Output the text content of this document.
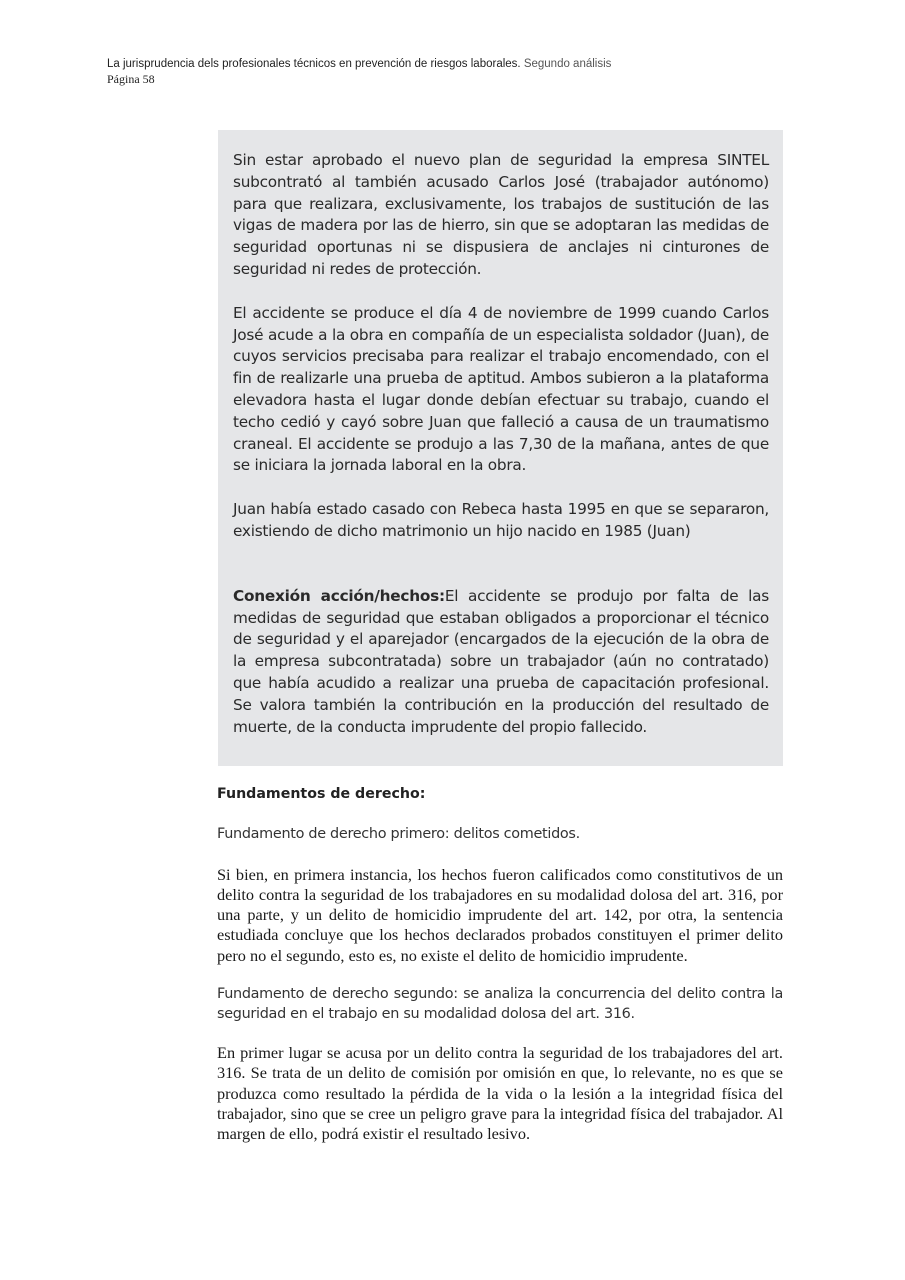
La jurisprudencia dels profesionales técnicos en prevención de riesgos laborales. Segundo análisis
Página 58

Sin estar aprobado el nuevo plan de seguridad la empresa SINTEL subcontrató al también acusado Carlos José (trabajador autónomo) para que realizara, exclusivamente, los trabajos de sustitución de las vigas de madera por las de hierro, sin que se adoptaran las medidas de seguridad oportunas ni se dispusiera de anclajes ni cinturones de seguridad ni redes de protección.

El accidente se produce el día 4 de noviembre de 1999 cuando Carlos José acude a la obra en compañía de un especialista soldador (Juan), de cuyos servicios precisaba para realizar el trabajo encomendado, con el fin de realizarle una prueba de aptitud. Ambos subieron a la plataforma elevadora hasta el lugar donde debían efectuar su trabajo, cuando el techo cedió y cayó sobre Juan que falleció a causa de un traumatismo craneal. El accidente se produjo a las 7,30 de la mañana, antes de que se iniciara la jornada laboral en la obra.

Juan había estado casado con Rebeca hasta 1995 en que se separaron, existiendo de dicho matrimonio un hijo nacido en 1985 (Juan)

Conexión acción/hechos:El accidente se produjo por falta de las medidas de seguridad que estaban obligados a proporcionar el técnico de seguridad y el aparejador (encargados de la ejecución de la obra de la empresa subcontratada) sobre un trabajador (aún no contratado) que había acudido a realizar una prueba de capacitación profesional. Se valora también la contribución en la producción del resultado de muerte, de la conducta imprudente del propio fallecido.

Fundamentos de derecho:

Fundamento de derecho primero: delitos cometidos.

Si bien, en primera instancia, los hechos fueron calificados como constitutivos de un delito contra la seguridad de los trabajadores en su modalidad dolosa del art. 316, por una parte, y un delito de homicidio imprudente del art. 142, por otra, la sentencia estudiada concluye que los hechos declarados probados constituyen el primer delito pero no el segundo, esto es, no existe el delito de homicidio imprudente.

Fundamento de derecho segundo: se analiza la concurrencia del delito contra la seguridad en el trabajo en su modalidad dolosa del art. 316.

En primer lugar se acusa por un delito contra la seguridad de los trabajadores del art. 316. Se trata de un delito de comisión por omisión en que, lo relevante, no es que se produzca como resultado la pérdida de la vida o la lesión a la integridad física del trabajador, sino que se cree un peligro grave para la integridad física del trabajador. Al margen de ello, podrá existir el resultado lesivo.
